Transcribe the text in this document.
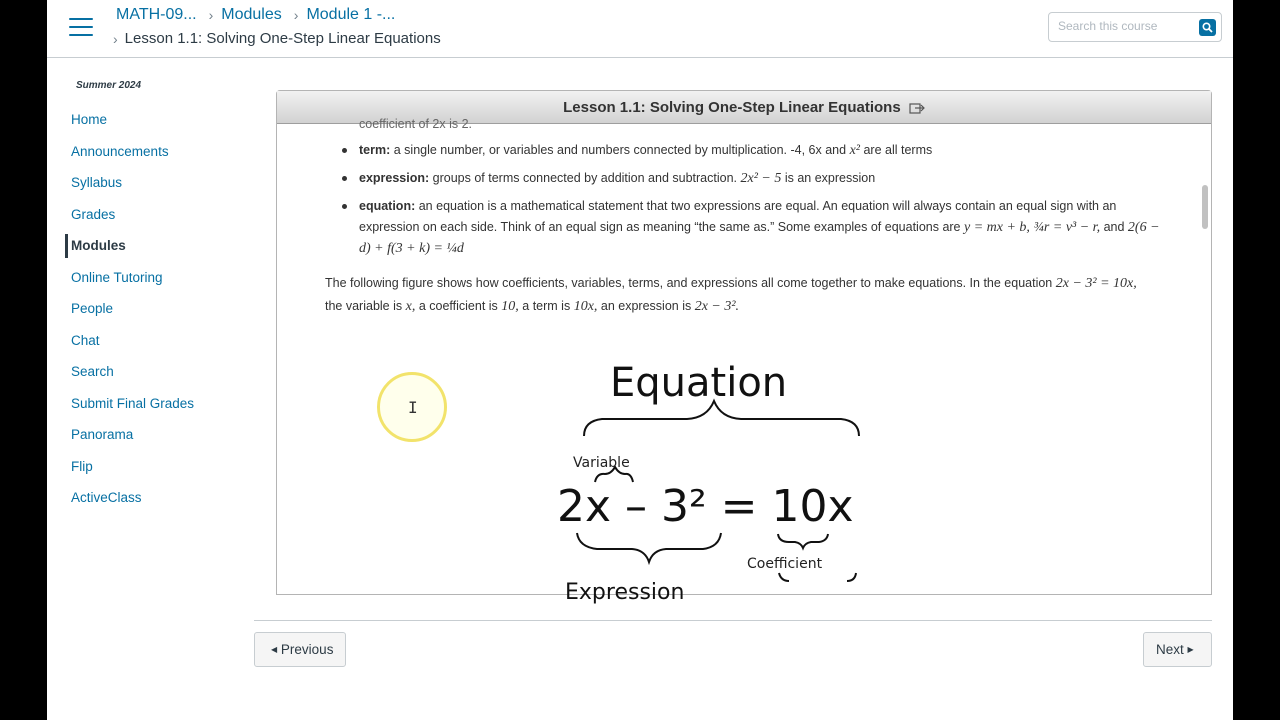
MATH-09... › Modules › Module 1 -...
› Lesson 1.1: Solving One-Step Linear Equations
Search this course
Summer 2024
Home
Announcements
Syllabus
Grades
Modules
Online Tutoring
People
Chat
Search
Submit Final Grades
Panorama
Flip
ActiveClass
Lesson 1.1: Solving One-Step Linear Equations
coefficient of 2x is 2.
term: a single number, or variables and numbers connected by multiplication. -4, 6x and x² are all terms
expression: groups of terms connected by addition and subtraction. 2x² − 5 is an expression
equation: an equation is a mathematical statement that two expressions are equal. An equation will always contain an equal sign with an expression on each side. Think of an equal sign as meaning “the same as.” Some examples of equations are y = mx + b, ¾r = v³ − r, and 2(6 − d) + f(3 + k) = ¼d
The following figure shows how coefficients, variables, terms, and expressions all come together to make equations. In the equation 2x − 3² = 10x, the variable is x, a coefficient is 10, a term is 10x, an expression is 2x − 3².
Equation
Variable
2x – 3² = 10x
Coefficient
Expression
I
◀ Previous	Next ▶
